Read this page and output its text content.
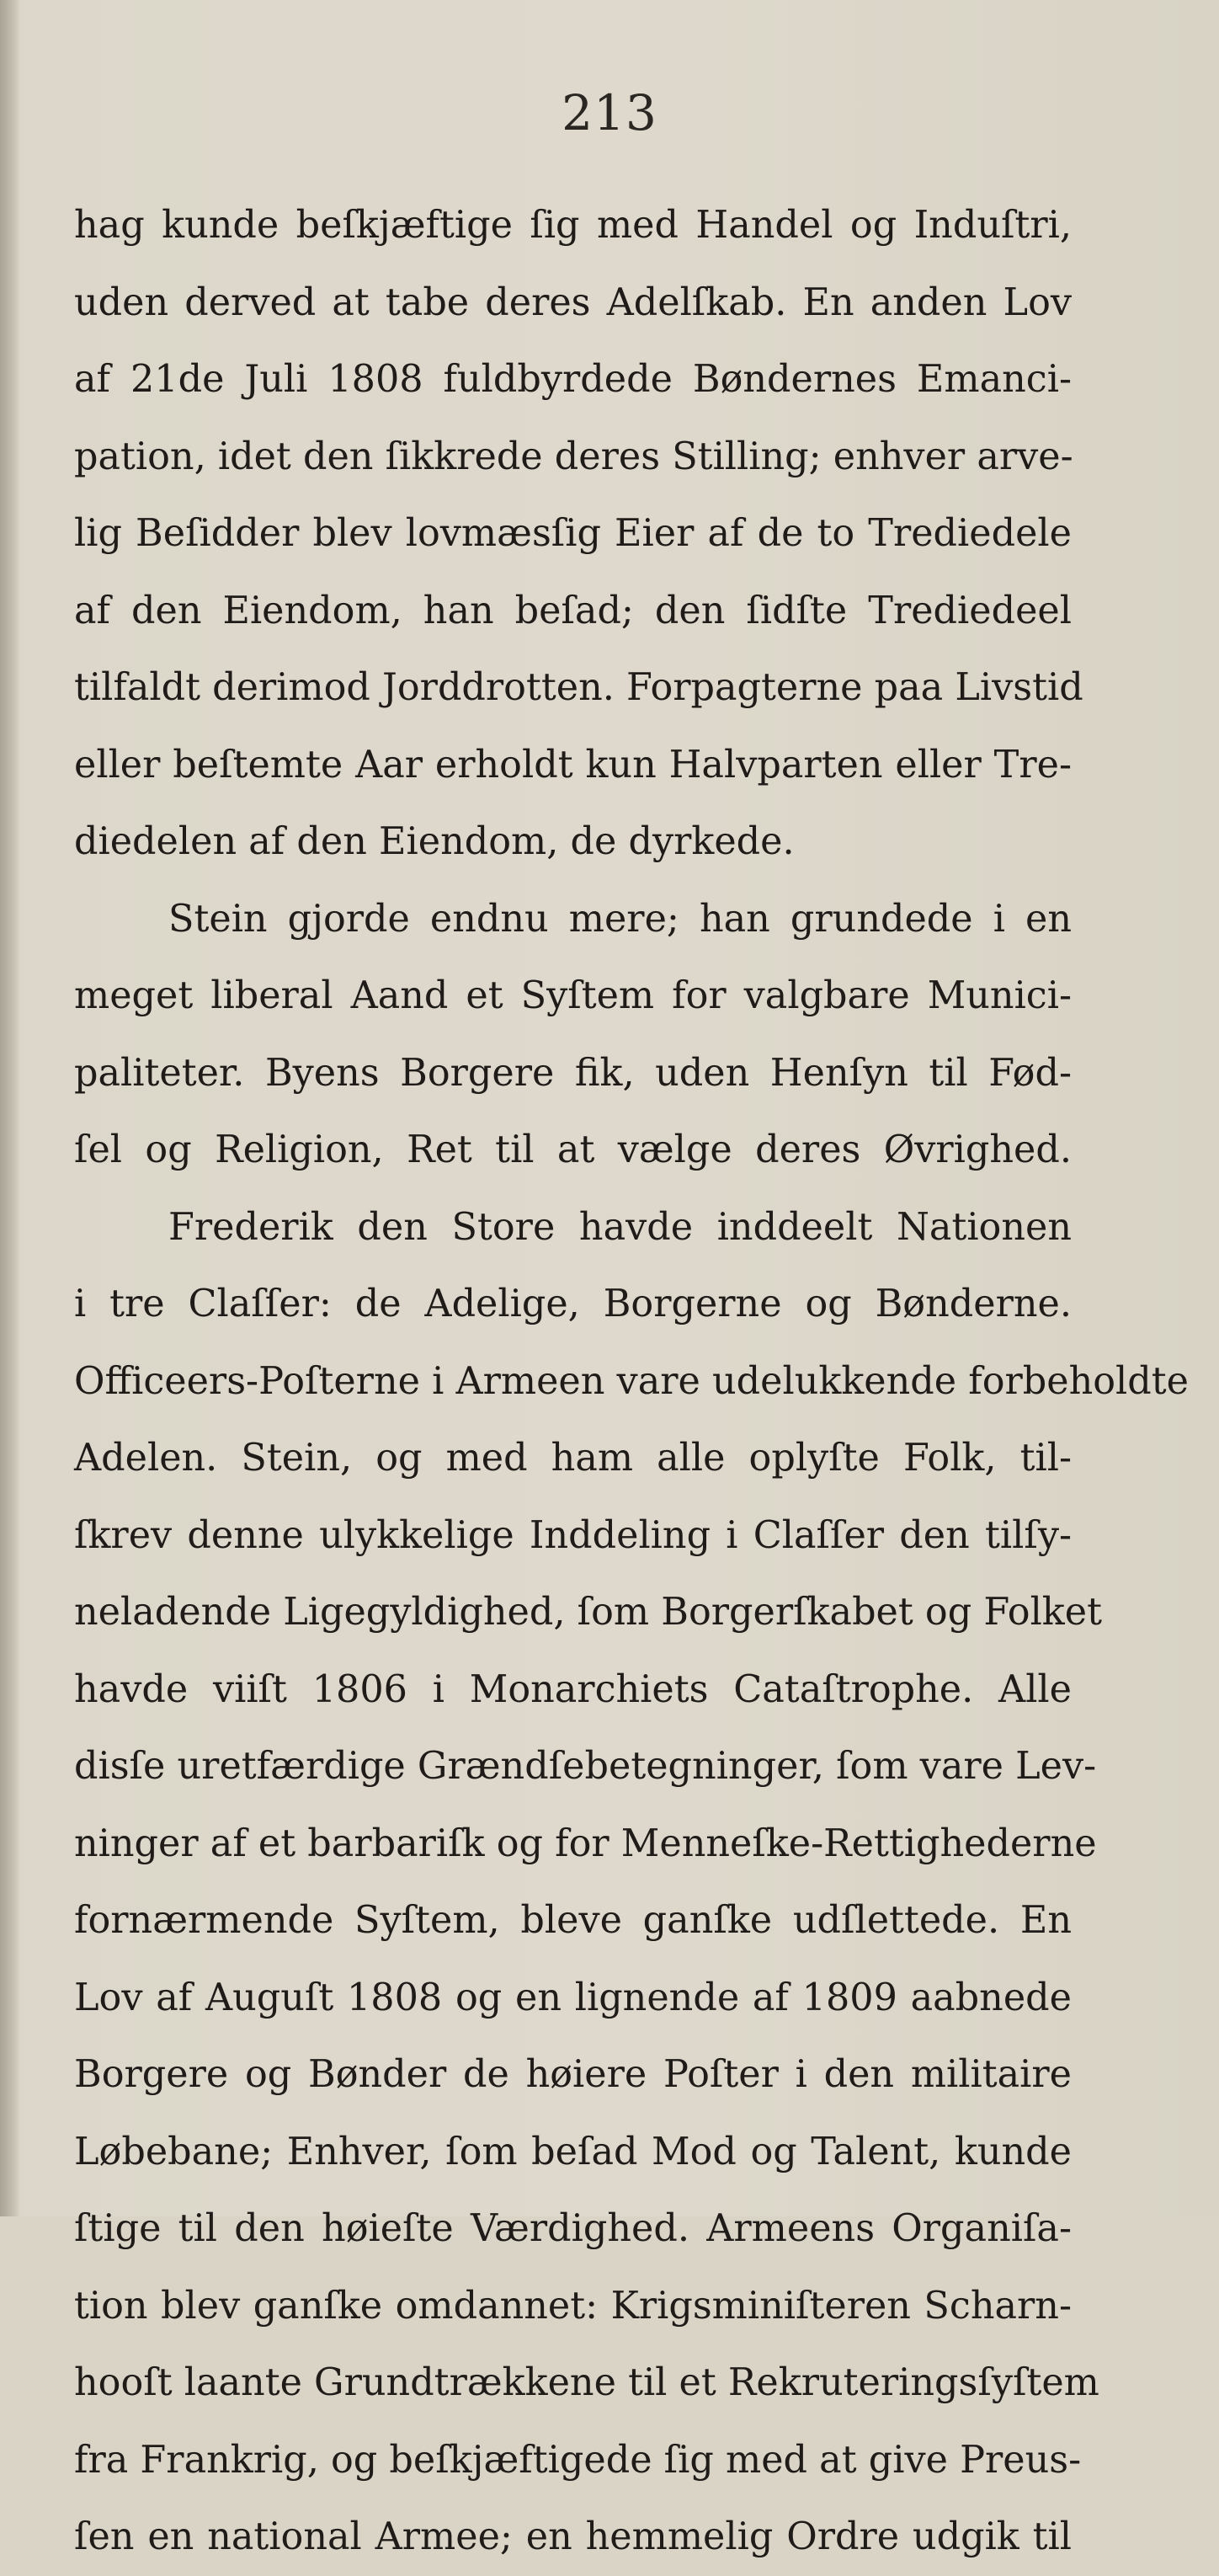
213
hag kunde beſkjæftige ſig med Handel og Induſtri,
uden derved at tabe deres Adelſkab. En anden Lov
af 21de Juli 1808 fuldbyrdede Bøndernes Emanci-
pation, idet den ſikkrede deres Stilling; enhver arve-
lig Beſidder blev lovmæsſig Eier af de to Trediedele
af den Eiendom, han beſad; den ſidſte Trediedeel
tilfaldt derimod Jorddrotten. Forpagterne paa Livstid
eller beſtemte Aar erholdt kun Halvparten eller Tre-
diedelen af den Eiendom, de dyrkede.
Stein gjorde endnu mere; han grundede i en
meget liberal Aand et Syſtem for valgbare Munici-
paliteter. Byens Borgere fik, uden Henſyn til Fød-
ſel og Religion, Ret til at vælge deres Øvrighed.
Frederik den Store havde inddeelt Nationen
i tre Claſſer: de Adelige, Borgerne og Bønderne.
Officeers-Poſterne i Armeen vare udelukkende forbeholdte
Adelen. Stein, og med ham alle oplyſte Folk, til-
ſkrev denne ulykkelige Inddeling i Claſſer den tilſy-
neladende Ligegyldighed, ſom Borgerſkabet og Folket
havde viiſt 1806 i Monarchiets Cataſtrophe. Alle
disſe uretfærdige Grændſebetegninger, ſom vare Lev-
ninger af et barbariſk og for Menneſke-Rettighederne
fornærmende Syſtem, bleve ganſke udſlettede. En
Lov af Auguſt 1808 og en lignende af 1809 aabnede
Borgere og Bønder de høiere Poſter i den militaire
Løbebane; Enhver, ſom beſad Mod og Talent, kunde
ſtige til den høieſte Værdighed. Armeens Organiſa-
tion blev ganſke omdannet: Krigsminiſteren Scharn-
hooſt laante Grundtrækkene til et Rekruteringsſyſtem
fra Frankrig, og beſkjæftigede ſig med at give Preus-
ſen en national Armee; en hemmelig Ordre udgik til
